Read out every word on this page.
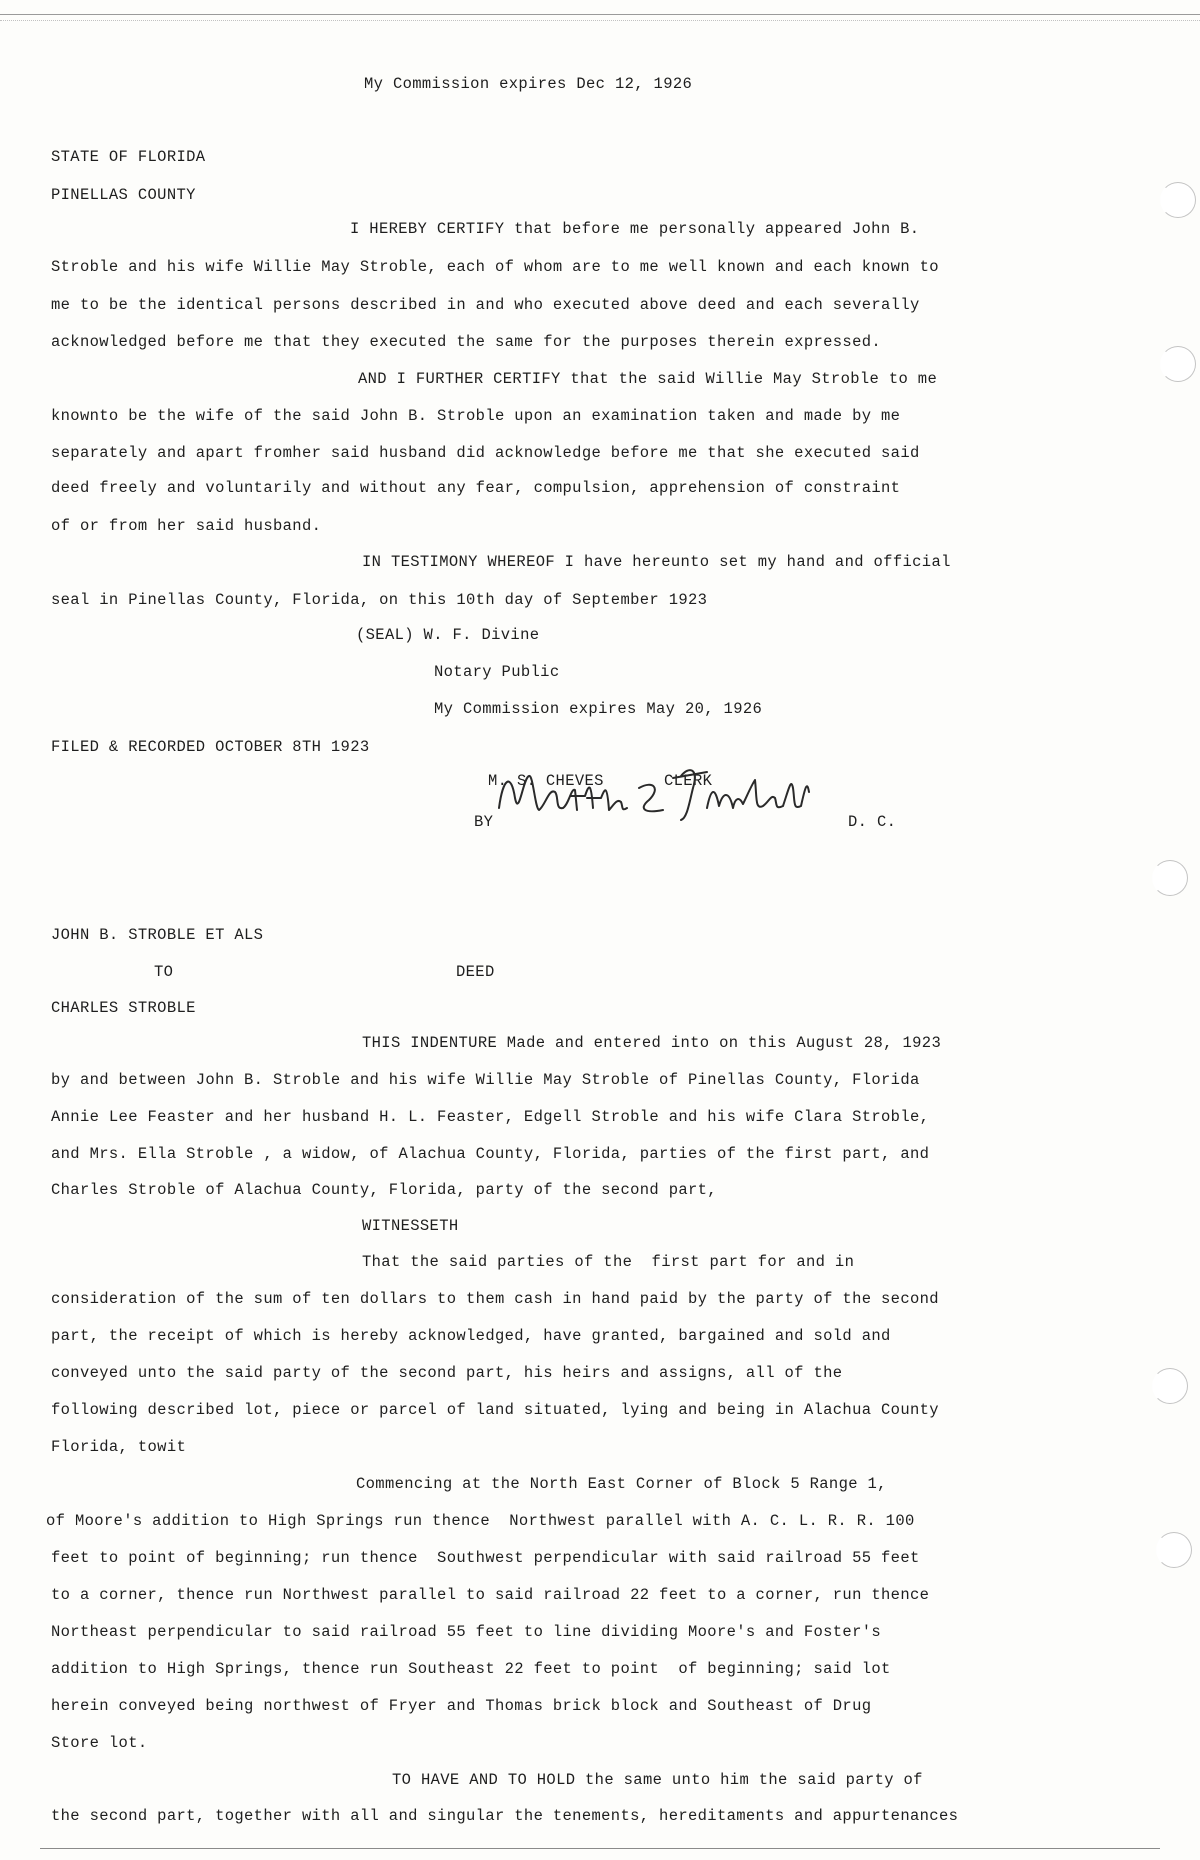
My Commission expires Dec 12, 1926
STATE OF FLORIDA
PINELLAS COUNTY
I HEREBY CERTIFY that before me personally appeared John B.
Stroble and his wife Willie May Stroble, each of whom are to me well known and each known to
me to be the identical persons described in and who executed above deed and each severally
acknowledged before me that they executed the same for the purposes therein expressed.
AND I FURTHER CERTIFY that the said Willie May Stroble to me
knownto be the wife of the said John B. Stroble upon an examination taken and made by me
separately and apart fromher said husband did acknowledge before me that she executed said
deed freely and voluntarily and without any fear, compulsion, apprehension of constraint
of or from her said husband.
IN TESTIMONY WHEREOF I have hereunto set my hand and official
seal in Pinellas County, Florida, on this 10th day of September 1923
(SEAL) W. F. Divine
Notary Public
My Commission expires May 20, 1926
FILED & RECORDED OCTOBER 8TH 1923
M. S. CHEVES	CLERK
BY	D. C.
JOHN B. STROBLE ET ALS
TO	DEED
CHARLES STROBLE
THIS INDENTURE Made and entered into on this August 28, 1923
by and between John B. Stroble and his wife Willie May Stroble of Pinellas County, Florida
Annie Lee Feaster and her husband H. L. Feaster, Edgell Stroble and his wife Clara Stroble,
and Mrs. Ella Stroble , a widow, of Alachua County, Florida, parties of the first part, and
Charles Stroble of Alachua County, Florida, party of the second part,
WITNESSETH
That the said parties of the  first part for and in
consideration of the sum of ten dollars to them cash in hand paid by the party of the second
part, the receipt of which is hereby acknowledged, have granted, bargained and sold and
conveyed unto the said party of the second part, his heirs and assigns, all of the
following described lot, piece or parcel of land situated, lying and being in Alachua County
Florida, towit
Commencing at the North East Corner of Block 5 Range 1,
of Moore's addition to High Springs run thence  Northwest parallel with A. C. L. R. R. 100
feet to point of beginning; run thence  Southwest perpendicular with said railroad 55 feet
to a corner, thence run Northwest parallel to said railroad 22 feet to a corner, run thence
Northeast perpendicular to said railroad 55 feet to line dividing Moore's and Foster's
addition to High Springs, thence run Southeast 22 feet to point  of beginning; said lot
herein conveyed being northwest of Fryer and Thomas brick block and Southeast of Drug
Store lot.
TO HAVE AND TO HOLD the same unto him the said party of
the second part, together with all and singular the tenements, hereditaments and appurtenances
